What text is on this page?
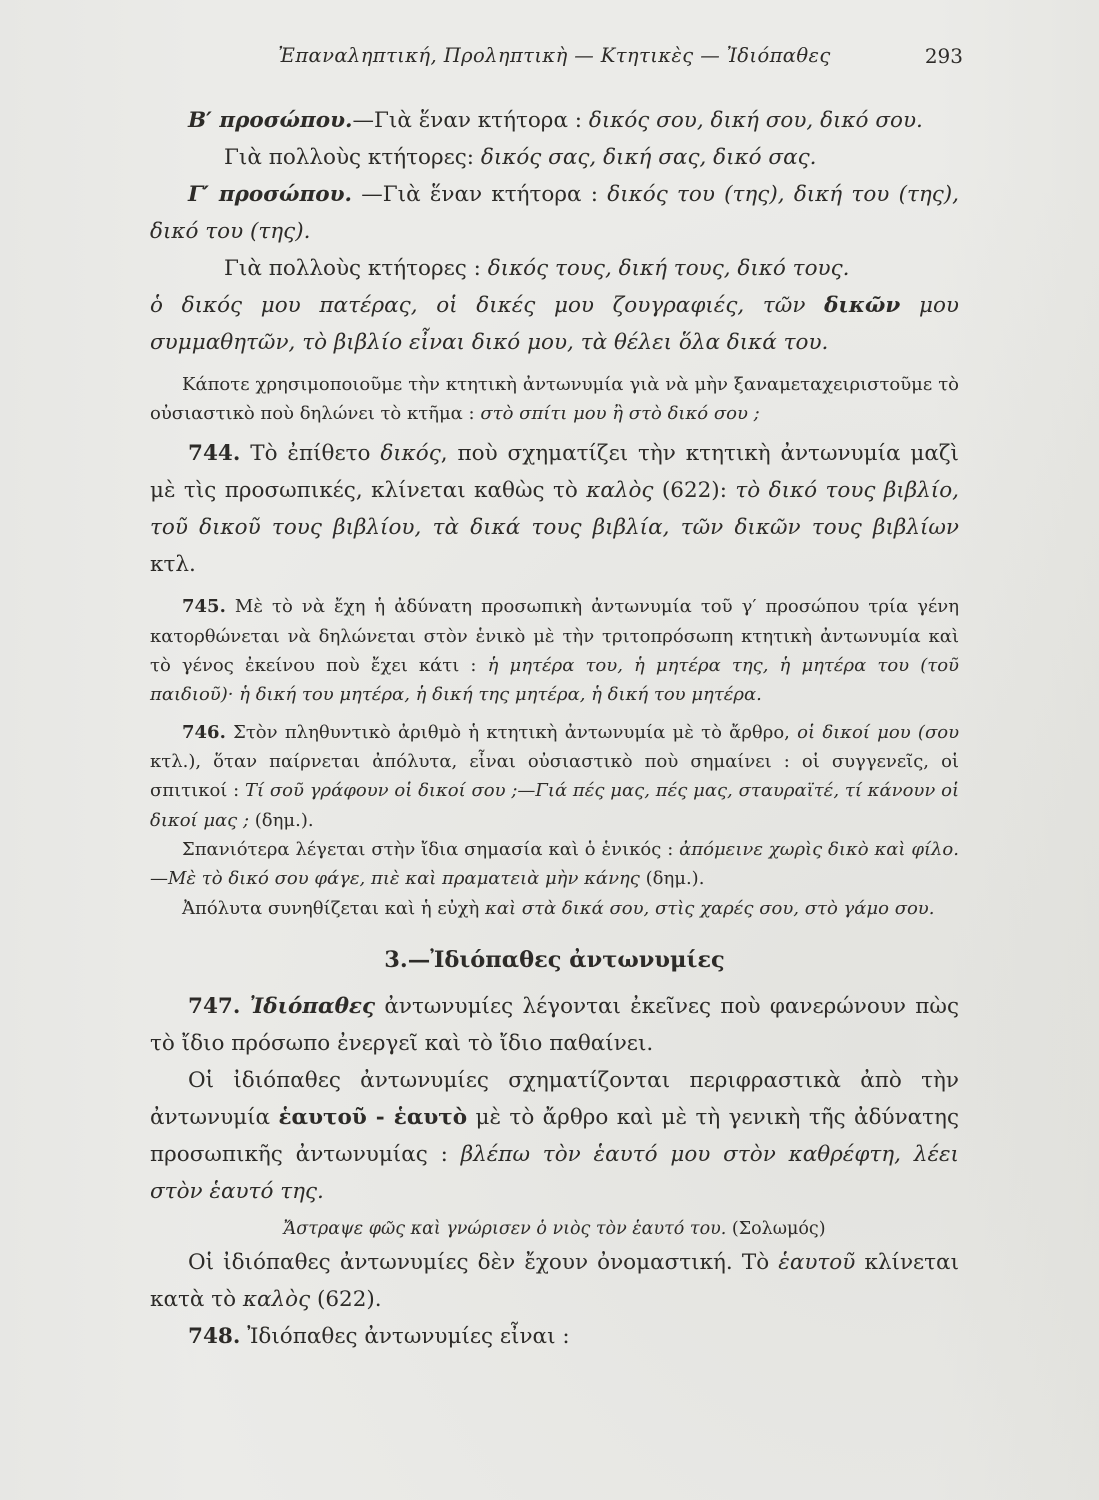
Ἐπαναληπτική, Προληπτικὴ — Κτητικὲς — Ἰδιόπαθες	293

Β′ προσώπου.—Γιὰ ἕναν κτήτορα : δικός σου, δική σου, δικό σου.

Γιὰ πολλοὺς κτήτορες: δικός σας, δική σας, δικό σας.

Γ′ προσώπου. —Γιὰ ἕναν κτήτορα : δικός του (της), δική του (της), δικό του (της).

Γιὰ πολλοὺς κτήτορες : δικός τους, δική τους, δικό τους.

ὁ δικός μου πατέρας, οἱ δικές μου ζουγραφιές, τῶν δικῶν μου συμμαθητῶν, τὸ βιβλίο εἶναι δικό μου, τὰ θέλει ὅλα δικά του.

Κάποτε χρησιμοποιοῦμε τὴν κτητικὴ ἀντωνυμία γιὰ νὰ μὴν ξαναμεταχειριστοῦμε τὸ οὐσιαστικὸ ποὺ δηλώνει τὸ κτῆμα : στὸ σπίτι μου ἢ στὸ δικό σου ;

744. Τὸ ἐπίθετο δικός, ποὺ σχηματίζει τὴν κτητικὴ ἀντωνυμία μαζὶ μὲ τὶς προσωπικές, κλίνεται καθὼς τὸ καλὸς (622): τὸ δικό τους βιβλίο, τοῦ δικοῦ τους βιβλίου, τὰ δικά τους βιβλία, τῶν δικῶν τους βιβλίων κτλ.

745. Μὲ τὸ νὰ ἔχη ἡ ἀδύνατη προσωπικὴ ἀντωνυμία τοῦ γ′ προσώπου τρία γένη κατορθώνεται νὰ δηλώνεται στὸν ἑνικὸ μὲ τὴν τριτοπρόσωπη κτητικὴ ἀντωνυμία καὶ τὸ γένος ἐκείνου ποὺ ἔχει κάτι : ἡ μητέρα του, ἡ μητέρα της, ἡ μητέρα του (τοῦ παιδιοῦ)· ἡ δική του μητέρα, ἡ δική της μητέρα, ἡ δική του μητέρα.

746. Στὸν πληθυντικὸ ἀριθμὸ ἡ κτητικὴ ἀντωνυμία μὲ τὸ ἄρθρο, οἱ δικοί μου (σου κτλ.), ὅταν παίρνεται ἀπόλυτα, εἶναι οὐσιαστικὸ ποὺ σημαίνει : οἱ συγγενεῖς, οἱ σπιτικοί : Τί σοῦ γράφουν οἱ δικοί σου ;—Γιά πές μας, πές μας, σταυραϊτέ, τί κάνουν οἱ δικοί μας ; (δημ.).

Σπανιότερα λέγεται στὴν ἴδια σημασία καὶ ὁ ἑνικός : ἀπόμεινε χωρὶς δικὸ καὶ φίλο.—Μὲ τὸ δικό σου φάγε, πιὲ καὶ πραματειὰ μὴν κάνης (δημ.).

Ἀπόλυτα συνηθίζεται καὶ ἡ εὐχὴ καὶ στὰ δικά σου, στὶς χαρές σου, στὸ γάμο σου.

3.—Ἰδιόπαθες ἀντωνυμίες

747. Ἰδιόπαθες ἀντωνυμίες λέγονται ἐκεῖνες ποὺ φανερώνουν πὼς τὸ ἴδιο πρόσωπο ἐνεργεῖ καὶ τὸ ἴδιο παθαίνει.

Οἱ ἰδιόπαθες ἀντωνυμίες σχηματίζονται περιφραστικὰ ἀπὸ τὴν ἀντωνυμία ἑαυτοῦ - ἑαυτὸ μὲ τὸ ἄρθρο καὶ μὲ τὴ γενικὴ τῆς ἀδύνατης προσωπικῆς ἀντωνυμίας : βλέπω τὸν ἑαυτό μου στὸν καθρέφτη, λέει στὸν ἑαυτό της.

Ἄστραψε φῶς καὶ γνώρισεν ὁ νιὸς τὸν ἑαυτό του. (Σολωμός)

Οἱ ἰδιόπαθες ἀντωνυμίες δὲν ἔχουν ὀνομαστική. Τὸ ἑαυτοῦ κλίνεται κατὰ τὸ καλὸς (622).

748. Ἰδιόπαθες ἀντωνυμίες εἶναι :
